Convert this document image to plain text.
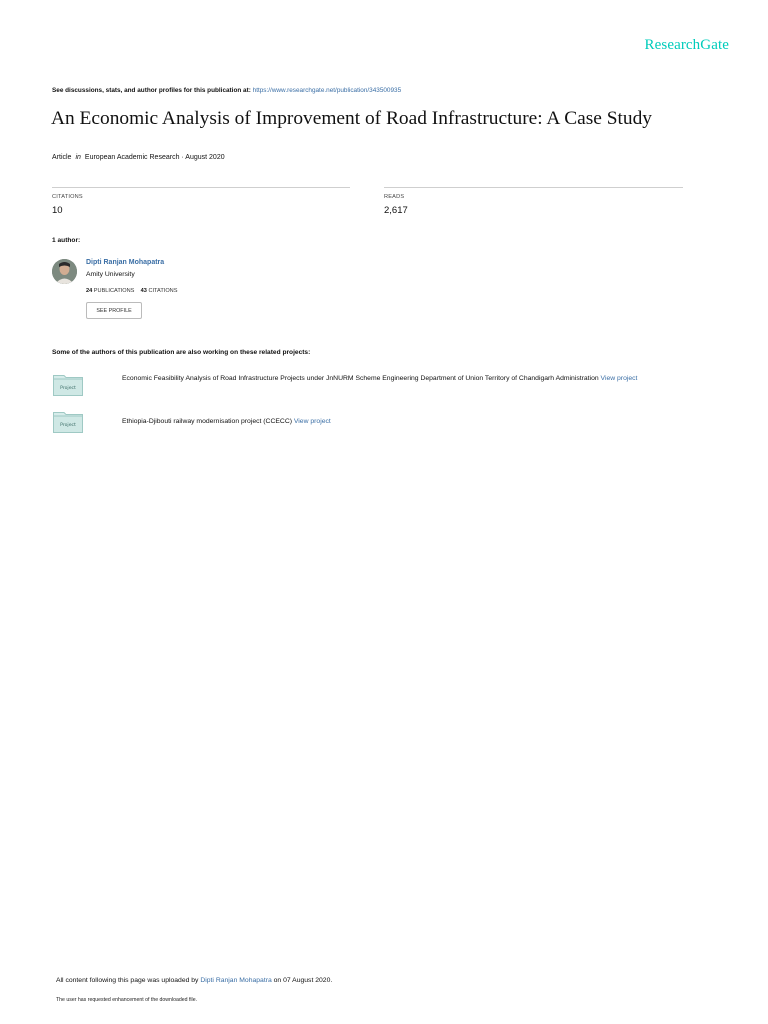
ResearchGate
See discussions, stats, and author profiles for this publication at: https://www.researchgate.net/publication/343500935
An Economic Analysis of Improvement of Road Infrastructure: A Case Study
Article in European Academic Research · August 2020
CITATIONS
10
READS
2,617
1 author:
Dipti Ranjan Mohapatra
Amity University
24 PUBLICATIONS 43 CITATIONS
SEE PROFILE
Some of the authors of this publication are also working on these related projects:
Project
Economic Feasibility Analysis of Road Infrastructure Projects under JnNURM Scheme Engineering Department of Union Territory of Chandigarh Administration View project
Project
Ethiopia-Djibouti railway modernisation project (CCECC) View project
All content following this page was uploaded by Dipti Ranjan Mohapatra on 07 August 2020.
The user has requested enhancement of the downloaded file.
